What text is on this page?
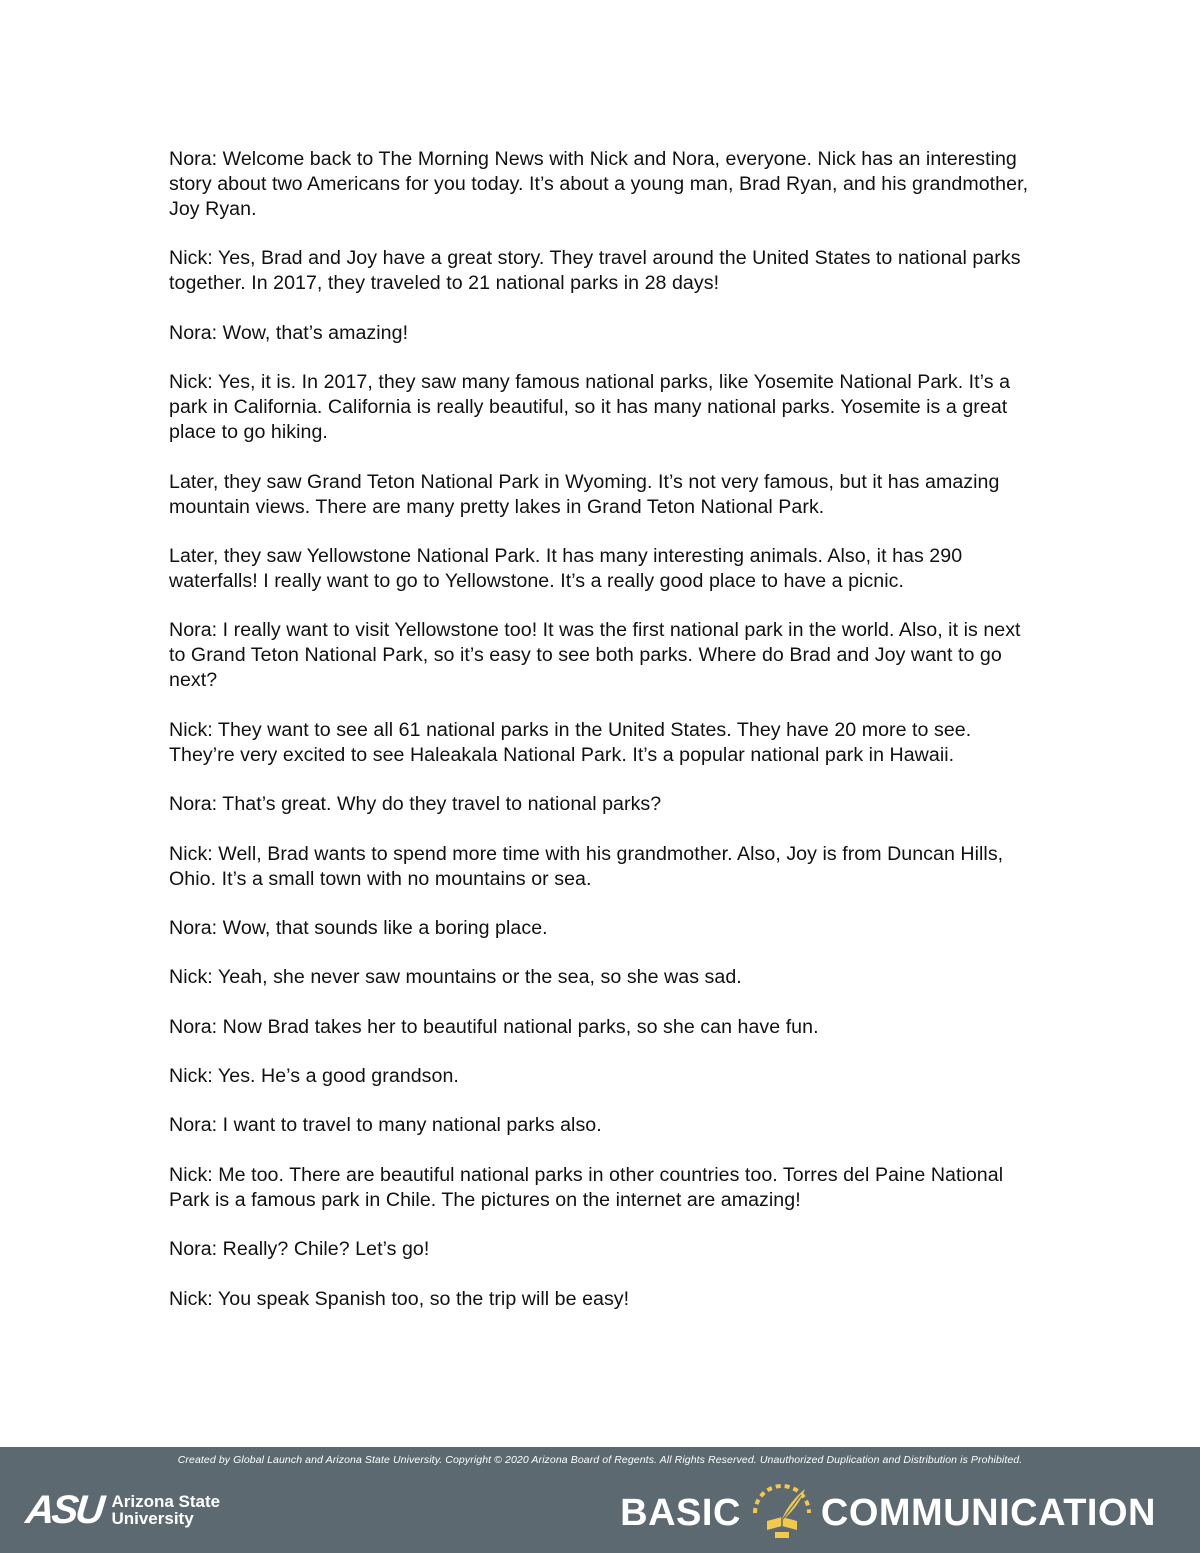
Nora: Welcome back to The Morning News with Nick and Nora, everyone. Nick has an interesting story about two Americans for you today. It’s about a young man, Brad Ryan, and his grandmother, Joy Ryan.

Nick: Yes, Brad and Joy have a great story. They travel around the United States to national parks together. In 2017, they traveled to 21 national parks in 28 days!

Nora: Wow, that’s amazing!

Nick: Yes, it is. In 2017, they saw many famous national parks, like Yosemite National Park. It’s a park in California. California is really beautiful, so it has many national parks. Yosemite is a great place to go hiking.

Later, they saw Grand Teton National Park in Wyoming. It’s not very famous, but it has amazing mountain views. There are many pretty lakes in Grand Teton National Park.

Later, they saw Yellowstone National Park. It has many interesting animals. Also, it has 290 waterfalls! I really want to go to Yellowstone. It’s a really good place to have a picnic.

Nora: I really want to visit Yellowstone too! It was the first national park in the world. Also, it is next to Grand Teton National Park, so it’s easy to see both parks. Where do Brad and Joy want to go next?

Nick: They want to see all 61 national parks in the United States. They have 20 more to see. They’re very excited to see Haleakala National Park. It’s a popular national park in Hawaii.

Nora: That’s great. Why do they travel to national parks?

Nick: Well, Brad wants to spend more time with his grandmother. Also, Joy is from Duncan Hills, Ohio. It’s a small town with no mountains or sea.

Nora: Wow, that sounds like a boring place.

Nick: Yeah, she never saw mountains or the sea, so she was sad.

Nora: Now Brad takes her to beautiful national parks, so she can have fun.

Nick: Yes. He’s a good grandson.

Nora: I want to travel to many national parks also.

Nick: Me too. There are beautiful national parks in other countries too. Torres del Paine National Park is a famous park in Chile. The pictures on the internet are amazing!

Nora: Really? Chile? Let’s go!

Nick: You speak Spanish too, so the trip will be easy!

Created by Global Launch and Arizona State University. Copyright © 2020 Arizona Board of Regents. All Rights Reserved. Unauthorized Duplication and Distribution is Prohibited.
ASU Arizona State
University	BASIC COMMUNICATION
